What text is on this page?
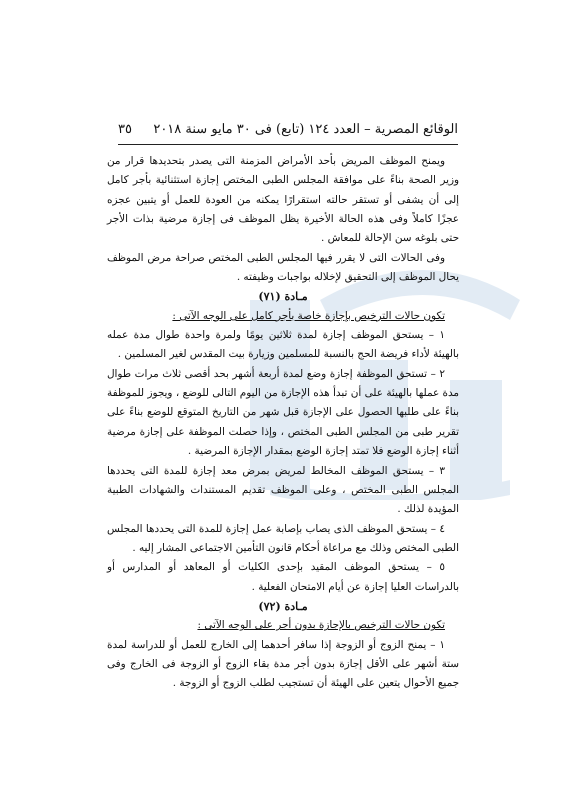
الوقائع المصرية – العدد ١٢٤ (تابع) فى ٣٠ مايو سنة ٢٠١٨
٣٥

ويمنح الموظف المريض بأحد الأمراض المزمنة التى يصدر بتحديدها قرار من وزير الصحة بناءً على موافقة المجلس الطبى المختص إجازة استثنائية بأجر كامل إلى أن يشفى أو تستقر حالته استقرارًا يمكنه من العودة للعمل أو يتبين عجزه عجزًا كاملاً وفى هذه الحالة الأخيرة يظل الموظف فى إجازة مرضية بذات الأجر حتى بلوغه سن الإحالة للمعاش .

وفى الحالات التى لا يقرر فيها المجلس الطبى المختص صراحة مرض الموظف يحال الموظف إلى التحقيق لإخلاله بواجبات وظيفته .

مـادة (٧١)

تكون حالات الترخيص بإجازة خاصة بأجر كامل على الوجه الآتى :

١ – يستحق الموظف إجازة لمدة ثلاثين يومًا ولمرة واحدة طوال مدة عمله بالهيئة لأداء فريضة الحج بالنسبة للمسلمين وزيارة بيت المقدس لغير المسلمين .

٢ – تستحق الموظفة إجازة وضع لمدة أربعة أشهر بحد أقصى ثلاث مرات طوال مدة عملها بالهيئة على أن تبدأ هذه الإجازة من اليوم التالى للوضع ، ويجوز للموظفة بناءً على طلبها الحصول على الإجازة قبل شهر من التاريخ المتوقع للوضع بناءً على تقرير طبى من المجلس الطبى المختص ، وإذا حصلت الموظفة على إجازة مرضية أثناء إجازة الوضع فلا تمتد إجازة الوضع بمقدار الإجازة المرضية .

٣ – يستحق الموظف المخالط لمريض بمرض معد إجازة للمدة التى يحددها المجلس الطبى المختص ، وعلى الموظف تقديم المستندات والشهادات الطبية المؤيدة لذلك .

٤ – يستحق الموظف الذى يصاب بإصابة عمل إجازة للمدة التى يحددها المجلس الطبى المختص وذلك مع مراعاة أحكام قانون التأمين الاجتماعى المشار إليه .

٥ – يستحق الموظف المقيد بإحدى الكليات أو المعاهد أو المدارس أو بالدراسات العليا إجازة عن أيام الامتحان الفعلية .

مـادة (٧٢)

تكون حالات الترخيص بالإجازة بدون أجر على الوجه الآتى :

١ – يمنح الزوج أو الزوجة إذا سافر أحدهما إلى الخارج للعمل أو للدراسة لمدة ستة أشهر على الأقل إجازة بدون أجر مدة بقاء الزوج أو الزوجة فى الخارج وفى جميع الأحوال يتعين على الهيئة أن تستجيب لطلب الزوج أو الزوجة .
